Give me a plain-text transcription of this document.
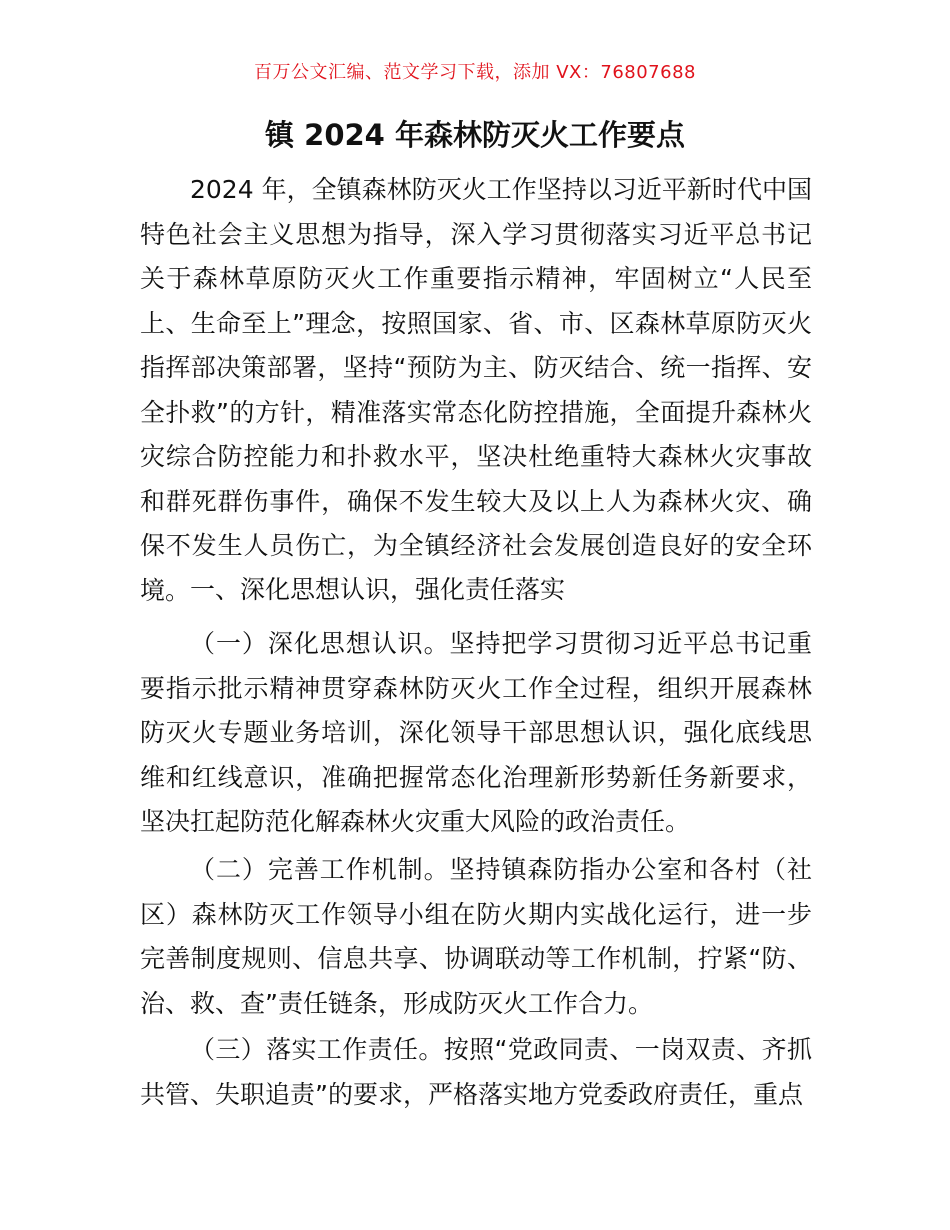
百万公文汇编、范文学习下载，添加 VX：76807688
镇 2024 年森林防灭火工作要点

2024 年，全镇森林防灭火工作坚持以习近平新时代中国特色社会主义思想为指导，深入学习贯彻落实习近平总书记关于森林草原防灭火工作重要指示精神，牢固树立“人民至上、生命至上”理念，按照国家、省、市、区森林草原防灭火指挥部决策部署，坚持“预防为主、防灭结合、统一指挥、安全扑救”的方针，精准落实常态化防控措施，全面提升森林火灾综合防控能力和扑救水平，坚决杜绝重特大森林火灾事故和群死群伤事件，确保不发生较大及以上人为森林火灾、确保不发生人员伤亡，为全镇经济社会发展创造良好的安全环境。 一、深化思想认识，强化责任落实

（一）深化思想认识。坚持把学习贯彻习近平总书记重要指示批示精神贯穿森林防灭火工作全过程，组织开展森林防灭火专题业务培训，深化领导干部思想认识，强化底线思维和红线意识，准确把握常态化治理新形势新任务新要求，坚决扛起防范化解森林火灾重大风险的政治责任。

（二）完善工作机制。坚持镇森防指办公室和各村（社区）森林防灭工作领导小组在防火期内实战化运行，进一步完善制度规则、信息共享、协调联动等工作机制，拧紧“防、治、救、查”责任链条，形成防灭火工作合力。

（三）落实工作责任。按照“党政同责、一岗双责、齐抓共管、失职追责”的要求，严格落实地方党委政府责任，重点
